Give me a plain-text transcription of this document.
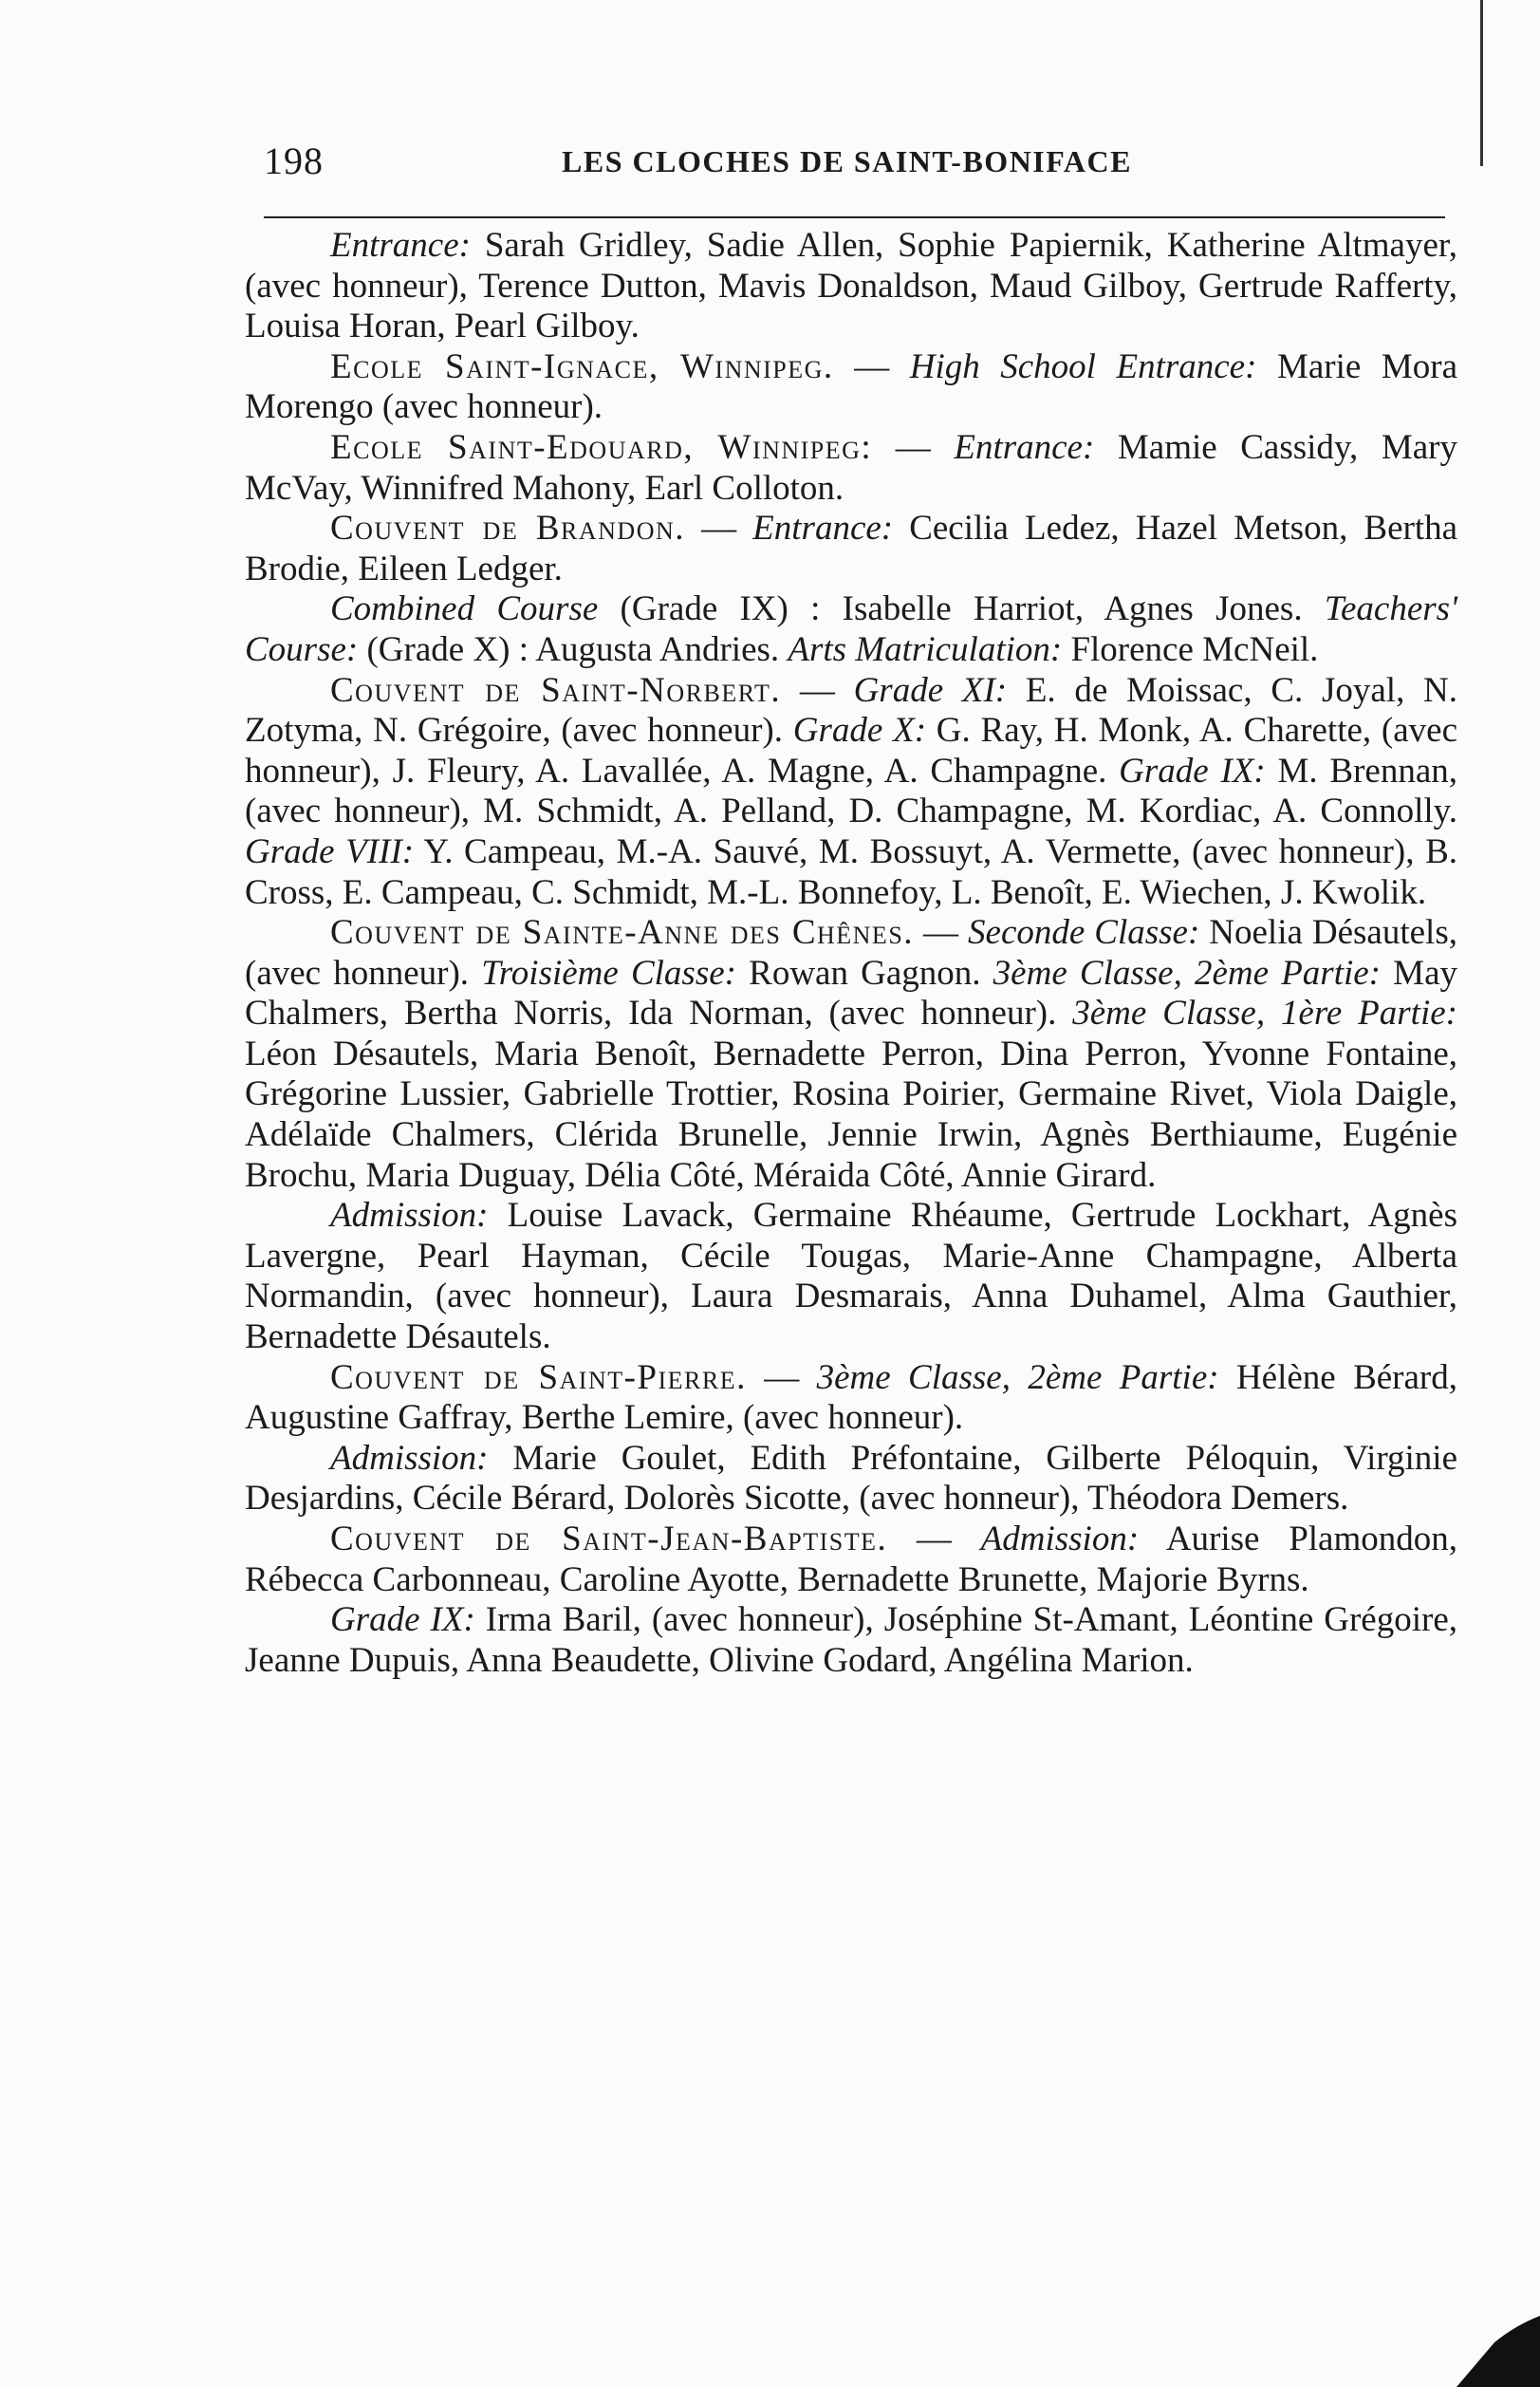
198	LES CLOCHES DE SAINT-BONIFACE

Entrance: Sarah Gridley, Sadie Allen, Sophie Papiernik, Katherine Altmayer, (avec honneur), Terence Dutton, Mavis Donaldson, Maud Gilboy, Gertrude Rafferty, Louisa Horan, Pearl Gilboy.

Ecole Saint-Ignace, Winnipeg. — High School Entrance: Marie Mora Morengo (avec honneur).

Ecole Saint-Edouard, Winnipeg: — Entrance: Mamie Cassidy, Mary McVay, Winnifred Mahony, Earl Colloton.

Couvent de Brandon. — Entrance: Cecilia Ledez, Hazel Metson, Bertha Brodie, Eileen Ledger.

Combined Course (Grade IX) : Isabelle Harriot, Agnes Jones. Teachers' Course: (Grade X) : Augusta Andries. Arts Matriculation: Florence McNeil.

Couvent de Saint-Norbert. — Grade XI: E. de Moissac, C. Joyal, N. Zotyma, N. Grégoire, (avec honneur). Grade X: G. Ray, H. Monk, A. Charette, (avec honneur), J. Fleury, A. Lavallée, A. Magne, A. Champagne. Grade IX: M. Brennan, (avec honneur), M. Schmidt, A. Pelland, D. Champagne, M. Kordiac, A. Connolly. Grade VIII: Y. Campeau, M.-A. Sauvé, M. Bossuyt, A. Vermette, (avec honneur), B. Cross, E. Campeau, C. Schmidt, M.-L. Bonnefoy, L. Benoît, E. Wiechen, J. Kwolik.

Couvent de Sainte-Anne des Chênes. — Seconde Classe: Noelia Désautels, (avec honneur). Troisième Classe: Rowan Gagnon. 3ème Classe, 2ème Partie: May Chalmers, Bertha Norris, Ida Norman, (avec honneur). 3ème Classe, 1ère Partie: Léon Désautels, Maria Benoît, Bernadette Perron, Dina Perron, Yvonne Fontaine, Grégorine Lussier, Gabrielle Trottier, Rosina Poirier, Germaine Rivet, Viola Daigle, Adélaïde Chalmers, Clérida Brunelle, Jennie Irwin, Agnès Berthiaume, Eugénie Brochu, Maria Duguay, Délia Côté, Méraida Côté, Annie Girard.

Admission: Louise Lavack, Germaine Rhéaume, Gertrude Lockhart, Agnès Lavergne, Pearl Hayman, Cécile Tougas, Marie-Anne Champagne, Alberta Normandin, (avec honneur), Laura Desmarais, Anna Duhamel, Alma Gauthier, Bernadette Désautels.

Couvent de Saint-Pierre. — 3ème Classe, 2ème Partie: Hélène Bérard, Augustine Gaffray, Berthe Lemire, (avec honneur).

Admission: Marie Goulet, Edith Préfontaine, Gilberte Péloquin, Virginie Desjardins, Cécile Bérard, Dolorès Sicotte, (avec honneur), Théodora Demers.

Couvent de Saint-Jean-Baptiste. — Admission: Aurise Plamondon, Rébecca Carbonneau, Caroline Ayotte, Bernadette Brunette, Majorie Byrns.

Grade IX: Irma Baril, (avec honneur), Joséphine St-Amant, Léontine Grégoire, Jeanne Dupuis, Anna Beaudette, Olivine Godard, Angélina Marion.
